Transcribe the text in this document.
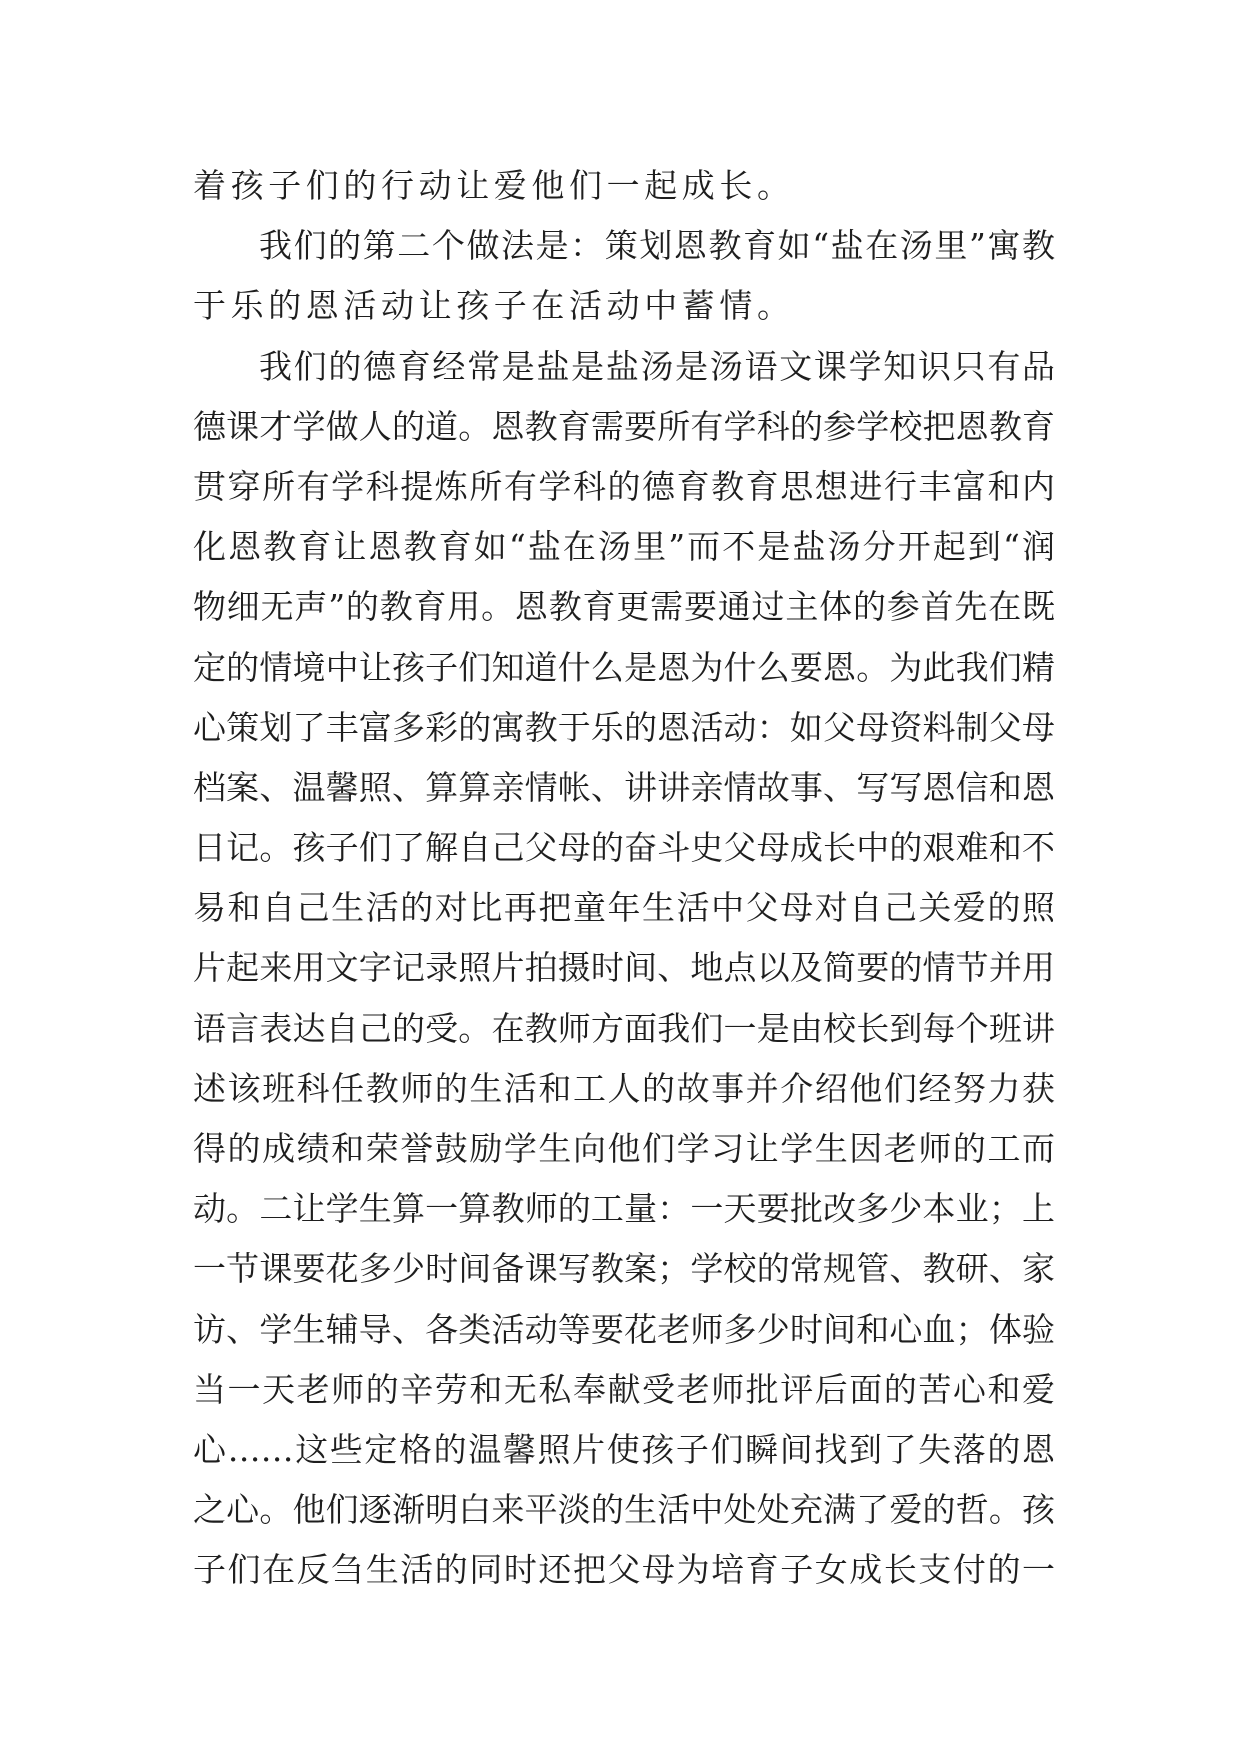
着孩子们的行动让爱他们一起成长。
我们的第二个做法是：策划恩教育如“盐在汤里”寓教
于乐的恩活动让孩子在活动中蓄情。
我们的德育经常是盐是盐汤是汤语文课学知识只有品
德课才学做人的道。恩教育需要所有学科的参学校把恩教育
贯穿所有学科提炼所有学科的德育教育思想进行丰富和内
化恩教育让恩教育如“盐在汤里”而不是盐汤分开起到“润
物细无声”的教育用。恩教育更需要通过主体的参首先在既
定的情境中让孩子们知道什么是恩为什么要恩。为此我们精
心策划了丰富多彩的寓教于乐的恩活动：如父母资料制父母
档案、温馨照、算算亲情帐、讲讲亲情故事、写写恩信和恩
日记。孩子们了解自己父母的奋斗史父母成长中的艰难和不
易和自己生活的对比再把童年生活中父母对自己关爱的照
片起来用文字记录照片拍摄时间、地点以及简要的情节并用
语言表达自己的受。在教师方面我们一是由校长到每个班讲
述该班科任教师的生活和工人的故事并介绍他们经努力获
得的成绩和荣誉鼓励学生向他们学习让学生因老师的工而
动。二让学生算一算教师的工量：一天要批改多少本业；上
一节课要花多少时间备课写教案；学校的常规管、教研、家
访、学生辅导、各类活动等要花老师多少时间和心血；体验
当一天老师的辛劳和无私奉献受老师批评后面的苦心和爱
心……这些定格的温馨照片使孩子们瞬间找到了失落的恩
之心。他们逐渐明白来平淡的生活中处处充满了爱的哲。孩
子们在反刍生活的同时还把父母为培育子女成长支付的一
